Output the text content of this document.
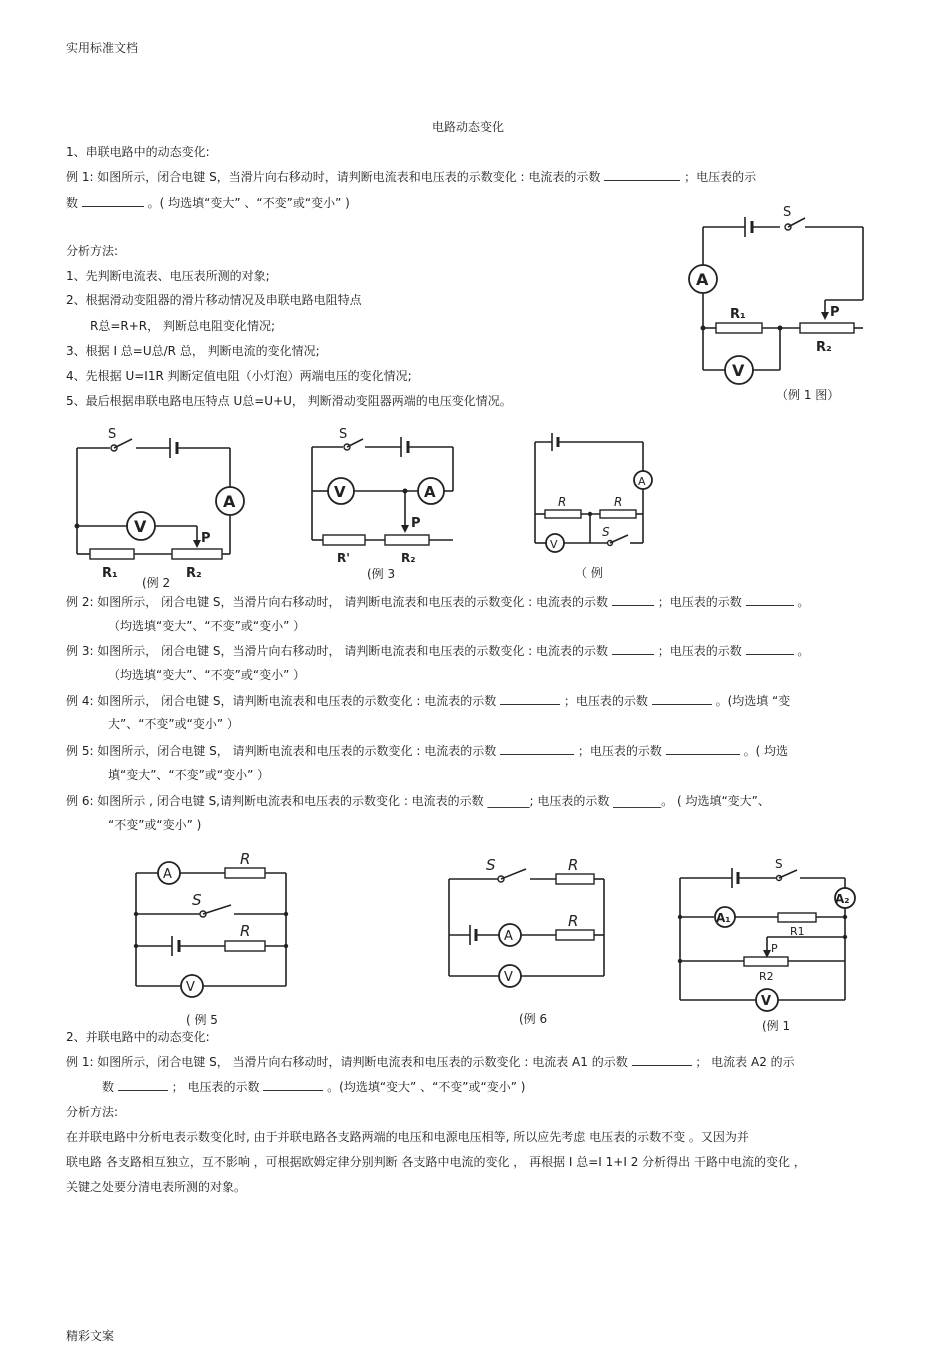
实用标准文档
精彩文案
电路动态变化
1、串联电路中的动态变化:
例 1: 如图所示，闭合电键 S，当滑片向右移动时，请判断电流表和电压表的示数变化 : 电流表的示数	；电压表的示
数	。( 均选填“变大” 、“不变”或“变小” )
分析方法:
1、先判断电流表、电压表所测的对象;
2、根据滑动变阻器的滑片移动情况及串联电路电阻特点
R总=R+R， 判断总电阻变化情况;
3、根据 I 总=U总/R 总， 判断电流的变化情况;
4、先根据 U=I1R 判断定值电阻（小灯泡）两端电压的变化情况;
5、最后根据串联电路电压特点 U总=U+U， 判断滑动变阻器两端的电压变化情况。
S
P
A
R₁
R₂
V
（例 1 图）
S
A
R₁	R₂
V
P
(例 2
S
V	A
P
R'	R₂
(例 3
A
R	R
V
S
（ 例
例 2: 如图所示， 闭合电键 S，当滑片向右移动时， 请判断电流表和电压表的示数变化 : 电流表的示数	；电压表的示数	。
（均选填“变大”、“不变”或“变小” ）
例 3: 如图所示， 闭合电键 S，当滑片向右移动时， 请判断电流表和电压表的示数变化 : 电流表的示数	；电压表的示数	。
（均选填“变大”、“不变”或“变小” ）
例 4: 如图所示， 闭合电键 S，请判断电流表和电压表的示数变化 : 电流表的示数	；电压表的示数	。(均选填 “变
大”、“不变”或“变小” ）
例 5: 如图所示，闭合电键 S， 请判断电流表和电压表的示数变化 : 电流表的示数	；电压表的示数	。( 均选
填“变大”、“不变”或“变小” ）
例 6: 如图所示 , 闭合电键 S,请判断电流表和电压表的示数变化 : 电流表的示数 _______; 电压表的示数 ________。 ( 均选填“变大”、
“不变”或“变小” )
A
R
S
R
V
( 例 5
S	R
A
R
V
(例 6
S
A₂
A₁
R1
P
R2
V
(例 1
2、并联电路中的动态变化:
例 1: 如图所示，闭合电键 S， 当滑片向右移动时，请判断电流表和电压表的示数变化 : 电流表 A1 的示数	； 电流表 A2 的示
数	； 电压表的示数	。(均选填“变大” 、“不变”或“变小” )
分析方法:
在并联电路中分析电表示数变化时, 由于并联电路各支路两端的电压和电源电压相等, 所以应先考虑 电压表的示数不变 。又因为并
联电路 各支路相互独立，互不影响 ，可根据欧姆定律分别判断 各支路中电流的变化 ， 再根据 I 总=I 1+I 2 分析得出 干路中电流的变化 ，
关键之处要分清电表所测的对象。
